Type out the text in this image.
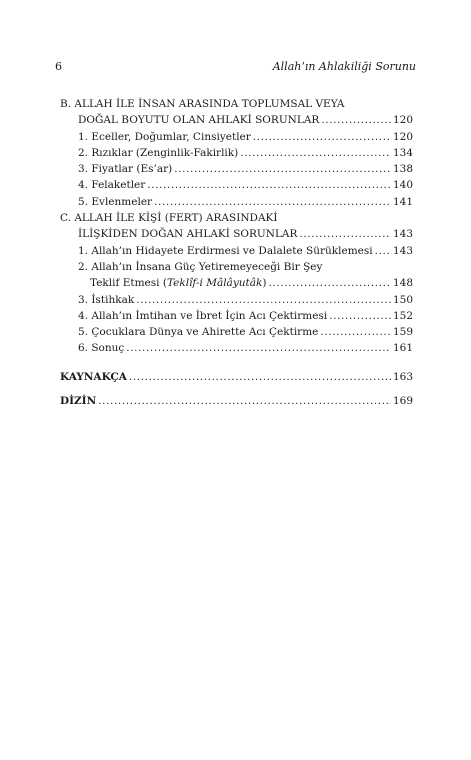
6	Allah’ın Ahlakiliği Sorunu
B. ALLAH İLE İNSAN ARASINDA TOPLUMSAL VEYA
DOĞAL BOYUTU OLAN AHLAKİ SORUNLAR .....	120
1. Eceller, Doğumlar, Cinsiyetler .....	120
2. Rızıklar (Zenginlik-Fakirlik) .....	134
3. Fiyatlar (Es’ar) .....	138
4. Felaketler .....	140
5. Evlenmeler .....	141
C. ALLAH İLE KİŞİ (FERT) ARASINDAKİ
İLİŞKİDEN DOĞAN AHLAKİ SORUNLAR .....	143
1. Allah’ın Hidayete Erdirmesi ve Dalalete Sürüklemesi ..... 143
2. Allah’ın İnsana Güç Yetiremeyeceği Bir Şey
Teklif Etmesi (Teklîf-i Mâlâyutâk) .....	148
3. İstihkak .....	150
4. Allah’ın İmtihan ve İbret İçin Acı Çektirmesi .....	152
5. Çocuklara Dünya ve Ahirette Acı Çektirme .....	159
6. Sonuç .....	161
KAYNAKÇA .....	163
DİZİN .....	169
